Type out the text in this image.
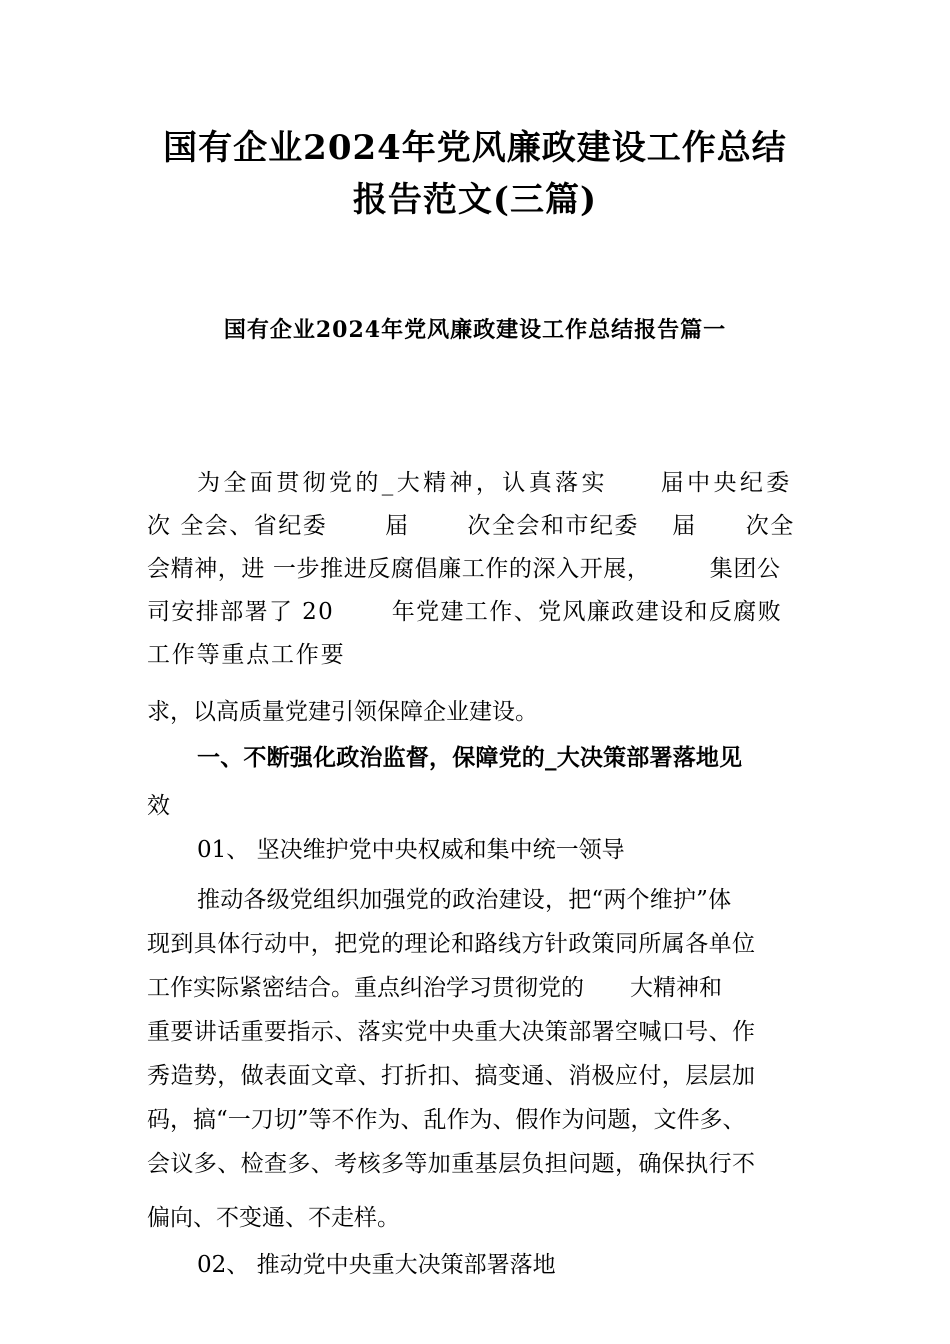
国有企业2024年党风廉政建设工作总结
报告范文(三篇)
国有企业2024年党风廉政建设工作总结报告篇一
为全面贯彻党的_大精神，认真落实　　届中央纪委
次 全会、省纪委　　 届　　 次全会和市纪委　 届　　次全
会精神，进 一步推进反腐倡廉工作的深入开展，　　　集团公
司安排部署了 20　　 年党建工作、党风廉政建设和反腐败
工作等重点工作要
求，以高质量党建引领保障企业建设。
一、不断强化政治监督，保障党的_大决策部署落地见
效
01、 坚决维护党中央权威和集中统一领导
推动各级党组织加强党的政治建设，把“两个维护”体
现到具体行动中，把党的理论和路线方针政策同所属各单位
工作实际紧密结合。重点纠治学习贯彻党的　　大精神和
重要讲话重要指示、落实党中央重大决策部署空喊口号、作
秀造势，做表面文章、打折扣、搞变通、消极应付，层层加
码，搞“一刀切”等不作为、乱作为、假作为问题，文件多、
会议多、检查多、考核多等加重基层负担问题，确保执行不
偏向、不变通、不走样。
02、 推动党中央重大决策部署落地
